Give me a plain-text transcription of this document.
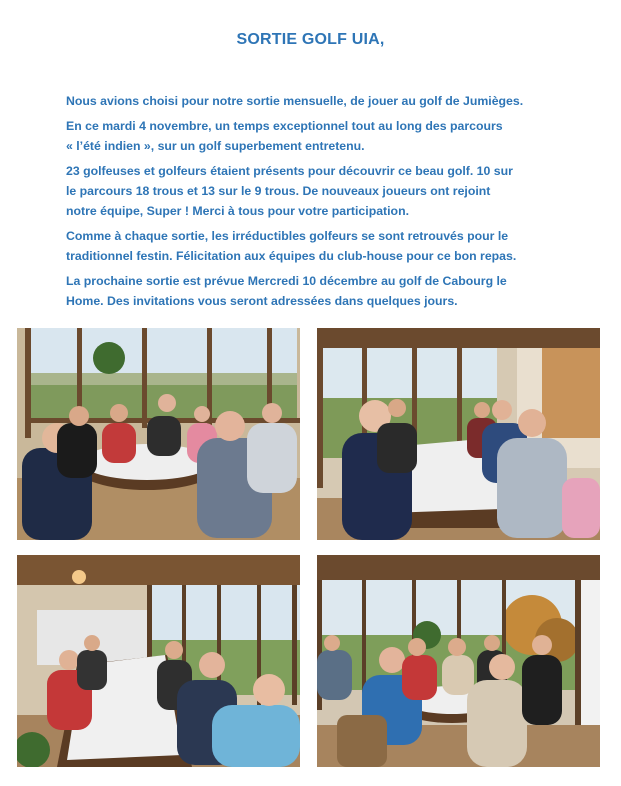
SORTIE GOLF UIA,

Nous avions choisi pour notre sortie mensuelle, de jouer au golf de Jumièges.

En ce mardi 4 novembre, un temps exceptionnel tout au long des parcours
« l’été indien », sur un golf superbement entretenu.

23 golfeuses et golfeurs étaient présents pour découvrir ce beau golf. 10 sur
le parcours 18 trous et 13 sur le 9 trous. De nouveaux joueurs ont rejoint
notre équipe, Super ! Merci à tous pour votre participation.

Comme à chaque sortie, les irréductibles golfeurs se sont retrouvés pour le
traditionnel festin. Félicitation aux équipes du club-house pour ce bon repas.

La prochaine sortie est prévue Mercredi 10 décembre au golf de Cabourg le
Home. Des invitations vous seront adressées dans quelques jours.
